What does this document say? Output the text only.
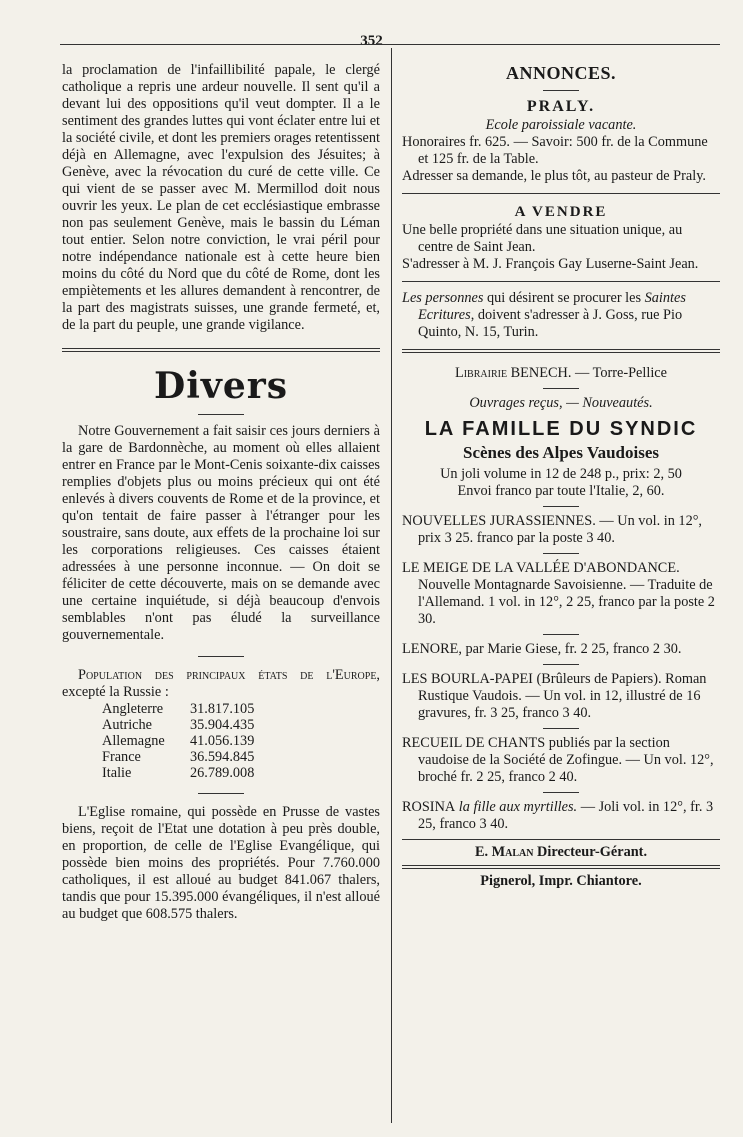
352

la proclamation de l'infaillibilité papale, le clergé catholique a repris une ardeur nouvelle. Il sent qu'il a devant lui des oppositions qu'il veut dompter. Il a le sentiment des grandes luttes qui vont éclater entre lui et la société civile, et dont les premiers orages retentissent déjà en Allemagne, avec l'expulsion des Jésuites; à Genève, avec la révocation du curé de cette ville. Ce qui vient de se passer avec M. Mermillod doit nous ouvrir les yeux. Le plan de cet ecclésiastique embrasse non pas seulement Genève, mais le bassin du Léman tout entier. Selon notre conviction, le vrai péril pour notre indépendance nationale est à cette heure bien moins du côté du Nord que du côté de Rome, dont les empiètements et les allures demandent à rencontrer, de la part des magistrats suisses, une grande fermeté, et, de la part du peuple, une grande vigilance.

Divers

Notre Gouvernement a fait saisir ces jours derniers à la gare de Bardonnèche, au moment où elles allaient entrer en France par le Mont-Cenis soixante-dix caisses remplies d'objets plus ou moins précieux qui ont été enlevés à divers couvents de Rome et de la province, et qu'on tentait de faire passer à l'étranger pour les soustraire, sans doute, aux effets de la prochaine loi sur les corporations religieuses. Ces caisses étaient adressées à une personne inconnue. — On doit se féliciter de cette découverte, mais on se demande avec une certaine inquiétude, si déjà beaucoup d'envois semblables n'ont pas éludé la surveillance gouvernementale.

Population des principaux états de l'Europe, excepté la Russie :

Angleterre	31.817.105
Autriche	35.904.435
Allemagne	41.056.139
France	36.594.845
Italie	26.789.008

L'Eglise romaine, qui possède en Prusse de vastes biens, reçoit de l'Etat une dotation à peu près double, en proportion, de celle de l'Eglise Evangélique, qui possède bien moins des propriétés. Pour 7.760.000 catholiques, il est alloué au budget 841.067 thalers, tandis que pour 15.395.000 évangéliques, il n'est alloué au budget que 608.575 thalers.

ANNONCES.
PRALY.

Ecole paroissiale vacante.

Honoraires fr. 625. — Savoir: 500 fr. de la Commune et 125 fr. de la Table.

Adresser sa demande, le plus tôt, au pasteur de Praly.

A VENDRE

Une belle propriété dans une situation unique, au centre de Saint Jean.

S'adresser à M. J. François Gay Luserne-Saint Jean.

Les personnes qui désirent se procurer les Saintes Ecritures, doivent s'adresser à J. Goss, rue Pio Quinto, N. 15, Turin.

Librairie BENECH. — Torre-Pellice

Ouvrages reçus, — Nouveautés.

LA FAMILLE DU SYNDIC
Scènes des Alpes Vaudoises

Un joli volume in 12 de 248 p., prix: 2, 50

Envoi franco par toute l'Italie, 2, 60.

NOUVELLES JURASSIENNES. — Un vol. in 12°, prix 3 25. franco par la poste 3 40.

LE MEIGE DE LA VALLÉE D'ABONDANCE. Nouvelle Montagnarde Savoisienne. — Traduite de l'Allemand. 1 vol. in 12°, 2 25, franco par la poste 2 30.

LENORE, par Marie Giese, fr. 2 25, franco 2 30.

LES BOURLA-PAPEI (Brûleurs de Papiers). Roman Rustique Vaudois. — Un vol. in 12, illustré de 16 gravures, fr. 3 25, franco 3 40.

RECUEIL DE CHANTS publiés par la section vaudoise de la Société de Zofingue. — Un vol. 12°, broché fr. 2 25, franco 2 40.

ROSINA la fille aux myrtilles. — Joli vol. in 12°, fr. 3 25, franco 3 40.

E. Malan Directeur-Gérant.

Pignerol, Impr. Chiantore.
